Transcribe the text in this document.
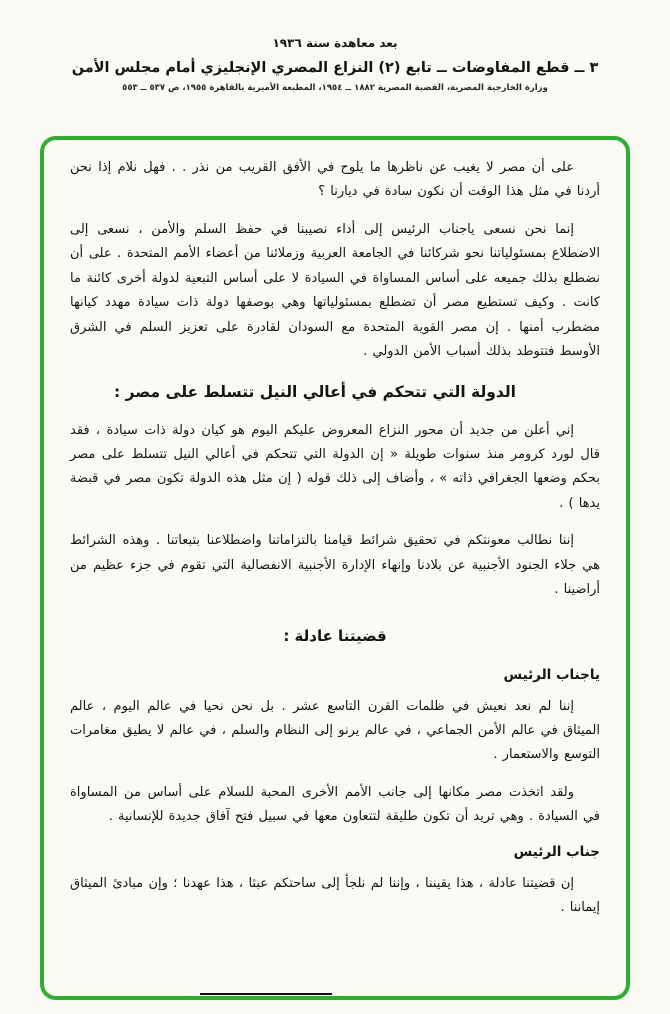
بعد معاهدة سنة ١٩٣٦
٣ ــ قطع المفاوضات ــ تابع (٢) النزاع المصري الإنجليزي أمام مجلس الأمن
وزارة الخارجية المصرية، القضية المصرية ١٨٨٢ ــ ١٩٥٤، المطبعة الأميرية بالقاهرة ١٩٥٥، ص ٥٣٧ ــ ٥٥٣

على أن مصر لا يغيب عن ناظرها ما يلوح في الأفق القريب من نذر . . فهل نلام إذا نحن أردنا في مثل هذا الوقت أن نكون سادة في ديارنا ؟

إنما نحن نسعى ياجناب الرئيس إلى أداء نصيبنا في حفظ السلم والأمن ، نسعى إلى الاضطلاع بمسئولياتنا نحو شركائنا في الجامعة العربية وزملائنا من أعضاء الأمم المتحدة . على أن نضطلع بذلك جميعه على أساس المساواة في السيادة لا على أساس التبعية لدولة أخرى كائنة ما كانت . وكيف تستطيع مصر أن تضطلع بمسئولياتها وهي بوصفها دولة ذات سيادة مهدد كيانها مضطرب أمنها . إن مصر القوية المتحدة مع السودان لقادرة على تعزيز السلم في الشرق الأوسط فتتوطد بذلك أسباب الأمن الدولي .

الدولة التي تتحكم في أعالي النيل تتسلط على مصر :

إني أعلن من جديد أن محور النزاع المعروض عليكم اليوم هو كيان دولة ذات سيادة ، فقد قال لورد كرومر منذ سنوات طويلة « إن الدولة التي تتحكم في أعالي النيل تتسلط على مصر بحكم وضعها الجغرافي ذاته » ، وأضاف إلى ذلك قوله ( إن مثل هذه الدولة تكون مصر في قبضة يدها ) .

إننا نطالب معونتكم في تحقيق شرائط قيامنا بالتزاماتنا واضطلاعنا بتبعاتنا . وهذه الشرائط هي جلاء الجنود الأجنبية عن بلادنا وإنهاء الإدارة الأجنبية الانفصالية التي تقوم في جزء عظيم من أراضينا .

قضيتنا عادلة :
ياجناب الرئيس

إننا لم نعد نعيش في ظلمات القرن التاسع عشر . بل نحن نحيا في عالم اليوم ، عالم الميثاق في عالم الأمن الجماعي ، في عالم يرنو إلى النظام والسلم ، في عالم لا يطيق مغامرات التوسع والاستعمار .

ولقد اتخذت مصر مكانها إلى جانب الأمم الأخرى المحبة للسلام على أساس من المساواة في السيادة . وهي تريد أن تكون طليقة لتتعاون معها في سبيل فتح آفاق جديدة للإنسانية .

جناب الرئيس

إن قضيتنا عادلة ، هذا يقيننا ، وإننا لم نلجأ إلى ساحتكم عبثا ، هذا عهدنا ؛ وإن مبادئ الميثاق إيماننا .
